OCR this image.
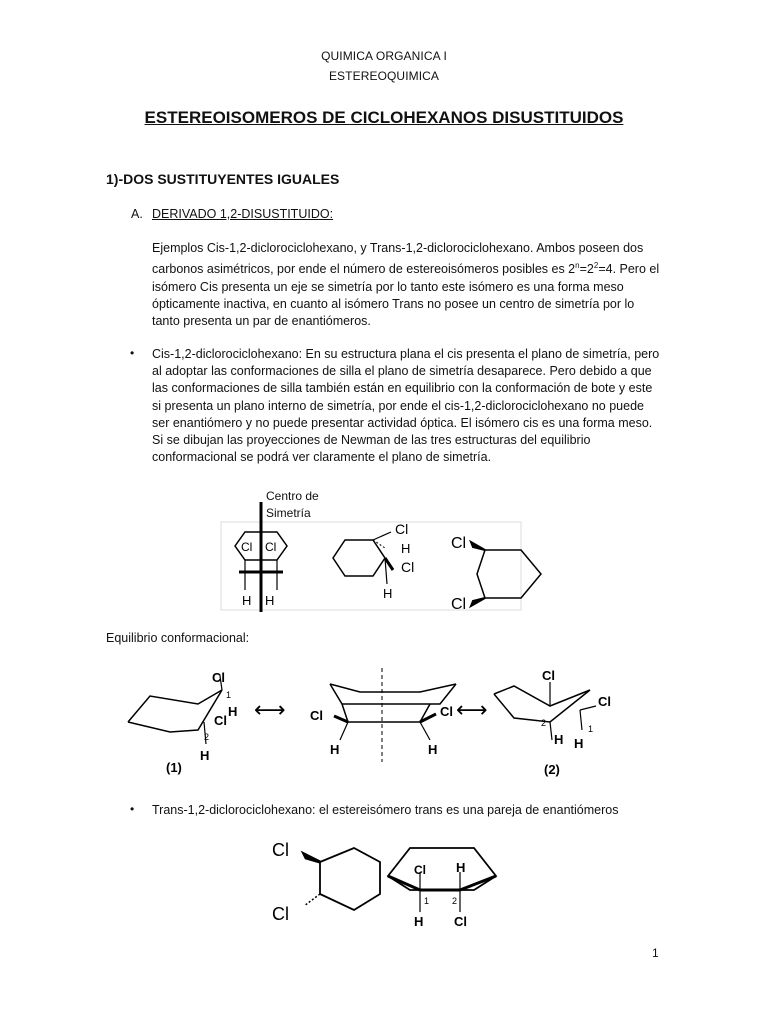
QUIMICA ORGANICA I
ESTEREOQUIMICA
ESTEREOISOMEROS DE CICLOHEXANOS DISUSTITUIDOS
1)-DOS SUSTITUYENTES IGUALES
A. DERIVADO 1,2-DISUSTITUIDO:
Ejemplos Cis-1,2-diclorociclohexano, y Trans-1,2-diclorociclohexano. Ambos poseen dos
carbonos asimétricos, por ende el número de estereoisómeros posibles es $2^n=2^2=4$. Pero el
isómero Cis presenta un eje se simetría por lo tanto este isómero es una forma meso
ópticamente inactiva, en cuanto al isómero Trans no posee un centro de simetría por lo
tanto presenta un par de enantiómeros.
• Cis-1,2-diclorociclohexano: En su estructura plana el cis presenta el plano de simetría, pero
al adoptar las conformaciones de silla el plano de simetría desaparece. Pero debido a que
las conformaciones de silla también están en equilibrio con la conformación de bote y este
si presenta un plano interno de simetría, por ende el cis-1,2-diclorociclohexano no puede
ser enantiómero y no puede presentar actividad óptica. El isómero cis es una forma meso.
Si se dibujan las proyecciones de Newman de las tres estructuras del equilibrio
conformacional se podrá ver claramente el plano de simetría.
Centro de
Simetría
Cl Cl
H H
Cl
H
Cl
H
Cl
Cl
Equilibrio conformacional:
Cl
1
Cl
2
H
H
(1)
⟷ Cl	Cl
H	H
⟷
Cl
Cl
2
1
H H
(2)
• Trans-1,2-diclorociclohexano: el estereisómero trans es una pareja de enantiómeros
Cl
Cl
Cl H
1	2
H Cl
1
